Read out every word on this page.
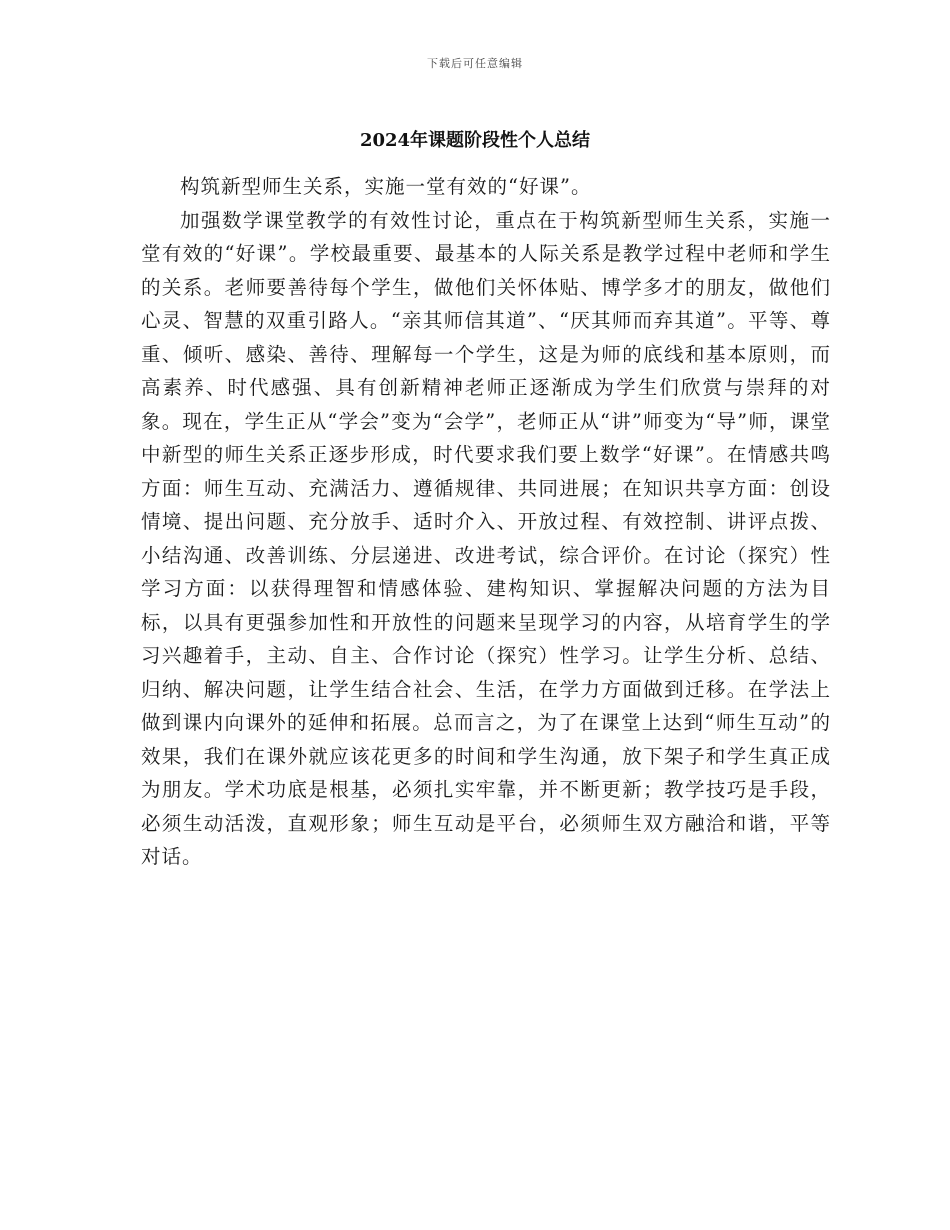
下载后可任意编辑
2024年课题阶段性个人总结

构筑新型师生关系，实施一堂有效的“好课”。

加强数学课堂教学的有效性讨论，重点在于构筑新型师生关系，实施一堂有效的“好课”。学校最重要、最基本的人际关系是教学过程中老师和学生的关系。老师要善待每个学生，做他们关怀体贴、博学多才的朋友，做他们心灵、智慧的双重引路人。“亲其师信其道”、“厌其师而弃其道”。平等、尊重、倾听、感染、善待、理解每一个学生，这是为师的底线和基本原则，而高素养、时代感强、具有创新精神老师正逐渐成为学生们欣赏与崇拜的对象。现在，学生正从“学会”变为“会学”，老师正从“讲”师变为“导”师，课堂中新型的师生关系正逐步形成，时代要求我们要上数学“好课”。在情感共鸣方面：师生互动、充满活力、遵循规律、共同进展；在知识共享方面：创设情境、提出问题、充分放手、适时介入、开放过程、有效控制、讲评点拨、小结沟通、改善训练、分层递进、改进考试，综合评价。在讨论（探究）性学习方面：以获得理智和情感体验、建构知识、掌握解决问题的方法为目标，以具有更强参加性和开放性的问题来呈现学习的内容，从培育学生的学习兴趣着手，主动、自主、合作讨论（探究）性学习。让学生分析、总结、归纳、解决问题，让学生结合社会、生活，在学力方面做到迁移。在学法上做到课内向课外的延伸和拓展。总而言之，为了在课堂上达到“师生互动”的效果，我们在课外就应该花更多的时间和学生沟通，放下架子和学生真正成为朋友。学术功底是根基，必须扎实牢靠，并不断更新；教学技巧是手段，必须生动活泼，直观形象；师生互动是平台，必须师生双方融洽和谐，平等对话。
